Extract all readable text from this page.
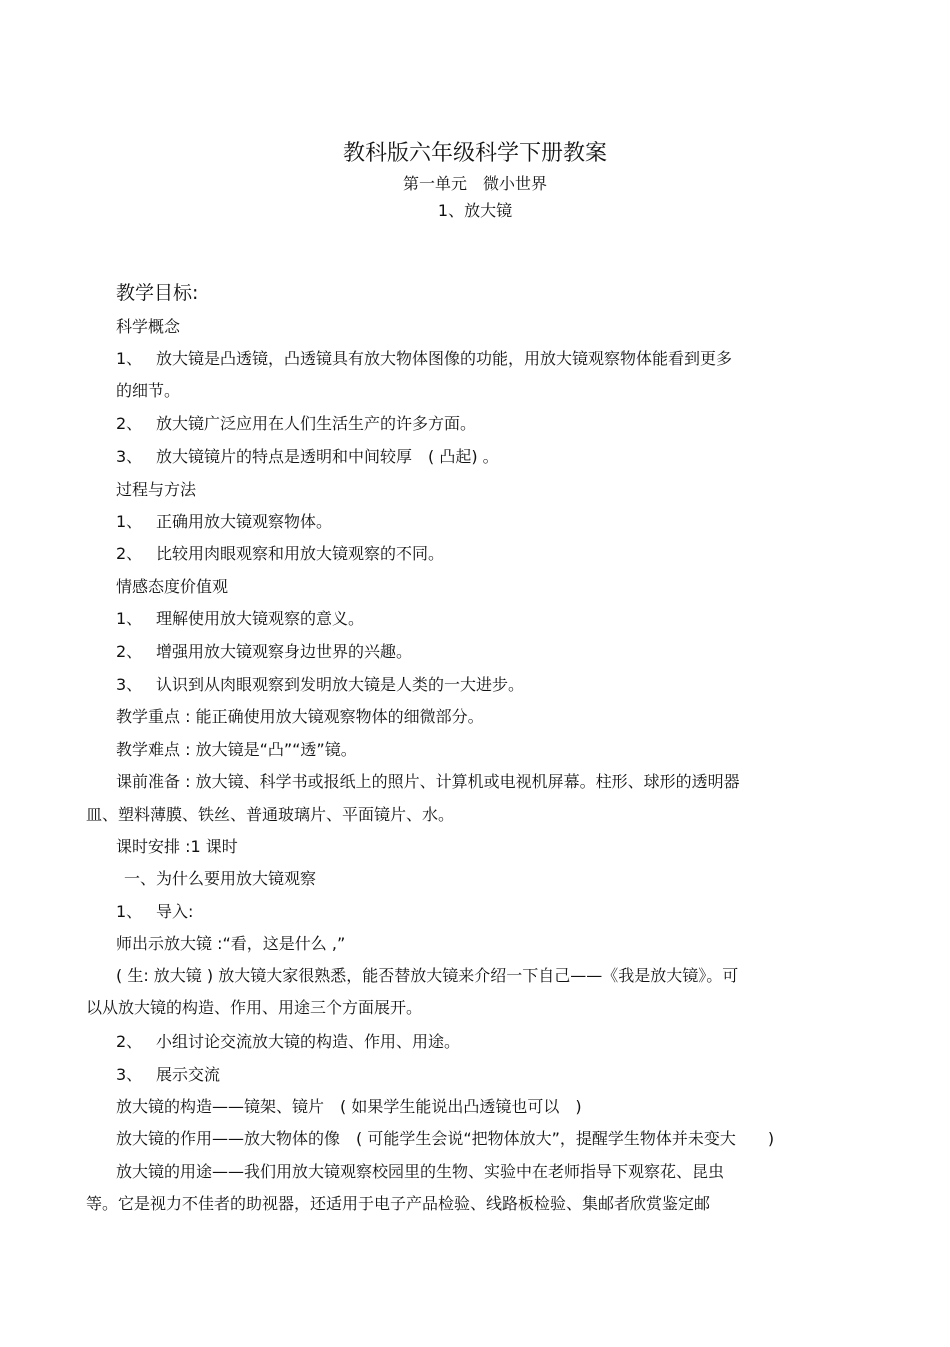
教科版六年级科学下册教案
第一单元　微小世界
1、放大镜
教学目标:
科学概念
1、 放大镜是凸透镜，凸透镜具有放大物体图像的功能，用放大镜观察物体能看到更多
的细节。
2、 放大镜广泛应用在人们生活生产的许多方面。
3、 放大镜镜片的特点是透明和中间较厚　( 凸起) 。
过程与方法
1、 正确用放大镜观察物体。
2、 比较用肉眼观察和用放大镜观察的不同。
情感态度价值观
1、 理解使用放大镜观察的意义。
2、 增强用放大镜观察身边世界的兴趣。
3、 认识到从肉眼观察到发明放大镜是人类的一大进步。
教学重点 : 能正确使用放大镜观察物体的细微部分。
教学难点 : 放大镜是“凸”“透”镜。
课前准备 : 放大镜、科学书或报纸上的照片、计算机或电视机屏幕。柱形、球形的透明器
皿、塑料薄膜、铁丝、普通玻璃片、平面镜片、水。
课时安排 :1 课时
一、为什么要用放大镜观察
1、 导入:
师出示放大镜 :“看，这是什么 ,”
( 生: 放大镜 ) 放大镜大家很熟悉，能否替放大镜来介绍一下自己——《我是放大镜》。可
以从放大镜的构造、作用、用途三个方面展开。
2、 小组讨论交流放大镜的构造、作用、用途。
3、 展示交流
放大镜的构造——镜架、镜片　( 如果学生能说出凸透镜也可以　)
放大镜的作用——放大物体的像　( 可能学生会说“把物体放大”，提醒学生物体并未变大　　)
放大镜的用途——我们用放大镜观察校园里的生物、实验中在老师指导下观察花、昆虫
等。它是视力不佳者的助视器，还适用于电子产品检验、线路板检验、集邮者欣赏鉴定邮
